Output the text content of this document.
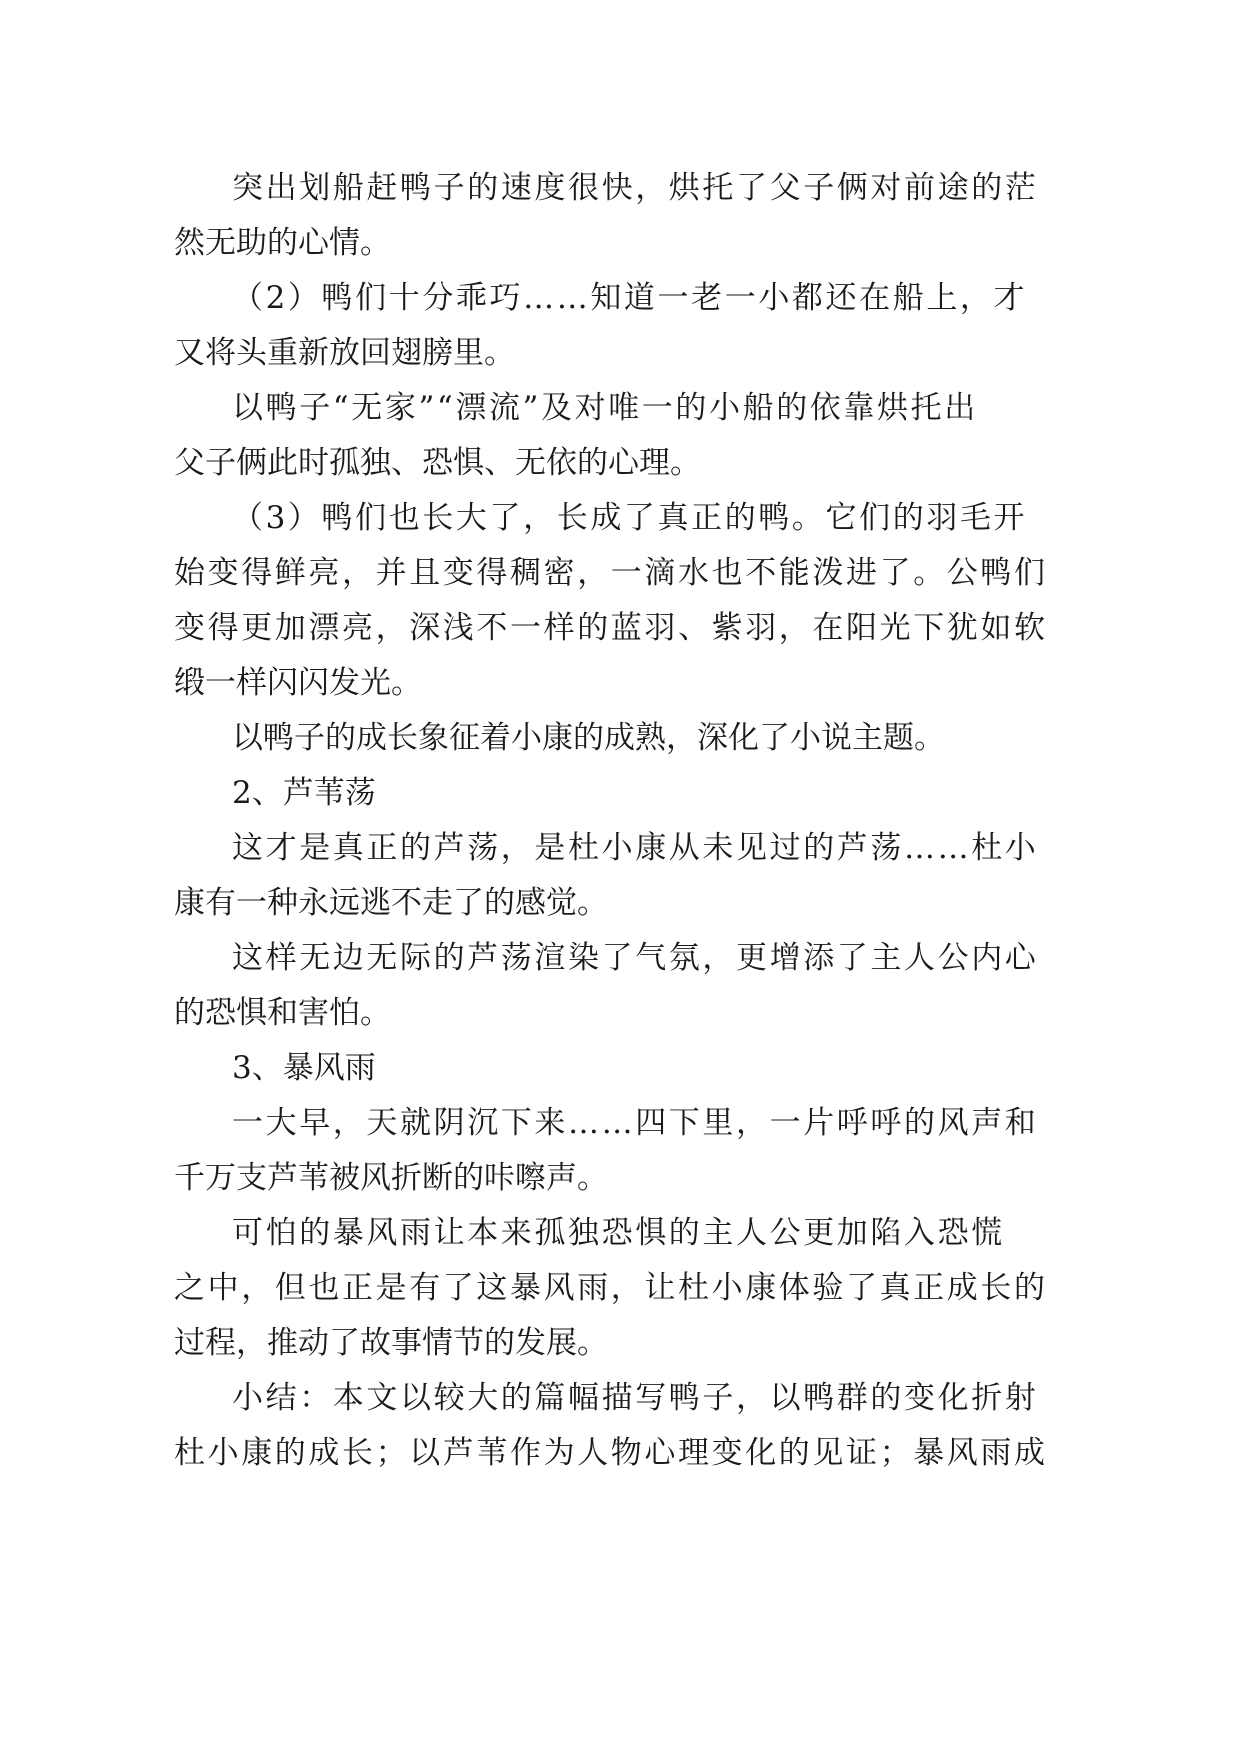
突出划船赶鸭子的速度很快，烘托了父子俩对前途的茫
然无助的心情。
（2）鸭们十分乖巧……知道一老一小都还在船上，才
又将头重新放回翅膀里。
以鸭子“无家”“漂流”及对唯一的小船的依靠烘托出
父子俩此时孤独、恐惧、无依的心理。
（3）鸭们也长大了，长成了真正的鸭。它们的羽毛开
始变得鲜亮，并且变得稠密，一滴水也不能泼进了。公鸭们
变得更加漂亮，深浅不一样的蓝羽、紫羽，在阳光下犹如软
缎一样闪闪发光。
以鸭子的成长象征着小康的成熟，深化了小说主题。
2、芦苇荡
这才是真正的芦荡，是杜小康从未见过的芦荡……杜小
康有一种永远逃不走了的感觉。
这样无边无际的芦荡渲染了气氛，更增添了主人公内心
的恐惧和害怕。
3、暴风雨
一大早，天就阴沉下来……四下里，一片呼呼的风声和
千万支芦苇被风折断的咔嚓声。
可怕的暴风雨让本来孤独恐惧的主人公更加陷入恐慌
之中，但也正是有了这暴风雨，让杜小康体验了真正成长的
过程，推动了故事情节的发展。
小结：本文以较大的篇幅描写鸭子，以鸭群的变化折射
杜小康的成长；以芦苇作为人物心理变化的见证；暴风雨成
